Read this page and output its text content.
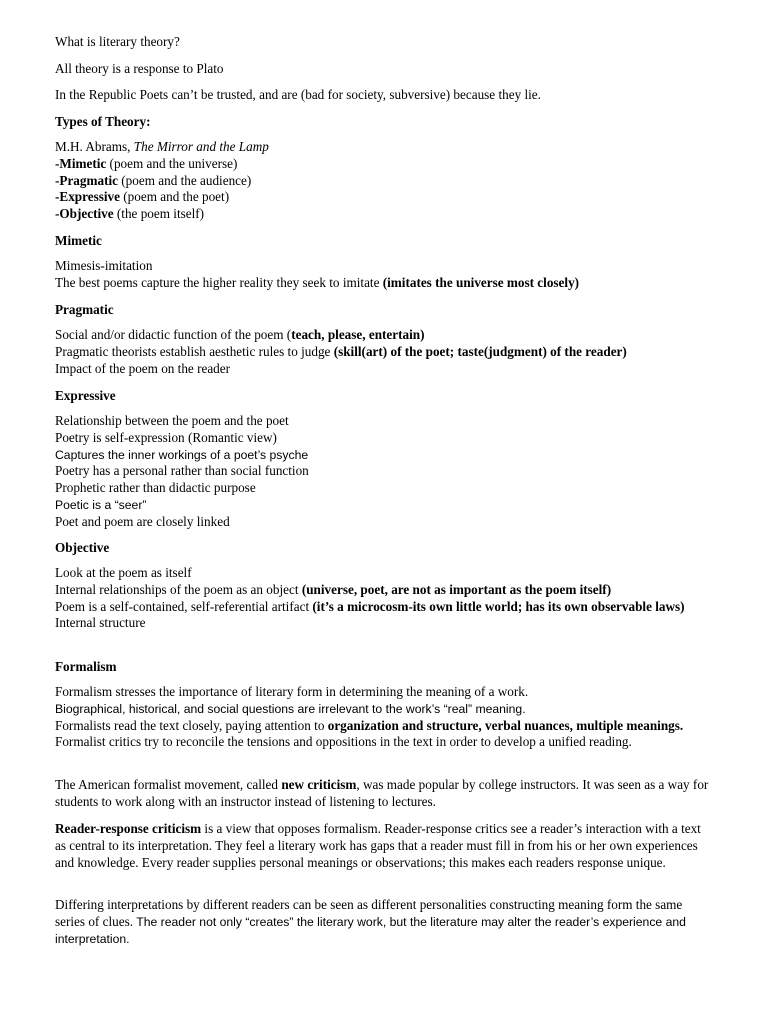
What is literary theory?

All theory is a response to Plato

In the Republic Poets can’t be trusted, and are (bad for society, subversive) because they lie.

Types of Theory:

M.H. Abrams, The Mirror and the Lamp
-Mimetic (poem and the universe)
-Pragmatic (poem and the audience)
-Expressive (poem and the poet)
-Objective (the poem itself)

Mimetic

Mimesis-imitation
The best poems capture the higher reality they seek to imitate (imitates the universe most closely)

Pragmatic

Social and/or didactic function of the poem (teach, please, entertain)
Pragmatic theorists establish aesthetic rules to judge (skill(art) of the poet; taste(judgment) of the reader)
Impact of the poem on the reader

Expressive

Relationship between the poem and the poet
Poetry is self-expression (Romantic view)
Captures the inner workings of a poet’s psyche
Poetry has a personal rather than social function
Prophetic rather than didactic purpose
Poetic is a “seer”
Poet and poem are closely linked

Objective

Look at the poem as itself
Internal relationships of the poem as an object (universe, poet, are not as important as the poem itself)
Poem is a self-contained, self-referential artifact (it’s a microcosm-its own little world; has its own observable laws)
Internal structure

Formalism

Formalism stresses the importance of literary form in determining the meaning of a work.
Biographical, historical, and social questions are irrelevant to the work’s “real” meaning.
Formalists read the text closely, paying attention to organization and structure, verbal nuances, multiple meanings.
Formalist critics try to reconcile the tensions and oppositions in the text in order to develop a unified reading.

The American formalist movement, called new criticism, was made popular by college instructors. It was seen as a way for students to work along with an instructor instead of listening to lectures.

Reader-response criticism is a view that opposes formalism. Reader-response critics see a reader’s interaction with a text as central to its interpretation. They feel a literary work has gaps that a reader must fill in from his or her own experiences and knowledge. Every reader supplies personal meanings or observations; this makes each readers response unique.

Differing interpretations by different readers can be seen as different personalities constructing meaning form the same series of clues. The reader not only “creates” the literary work, but the literature may alter the reader’s experience and interpretation.
